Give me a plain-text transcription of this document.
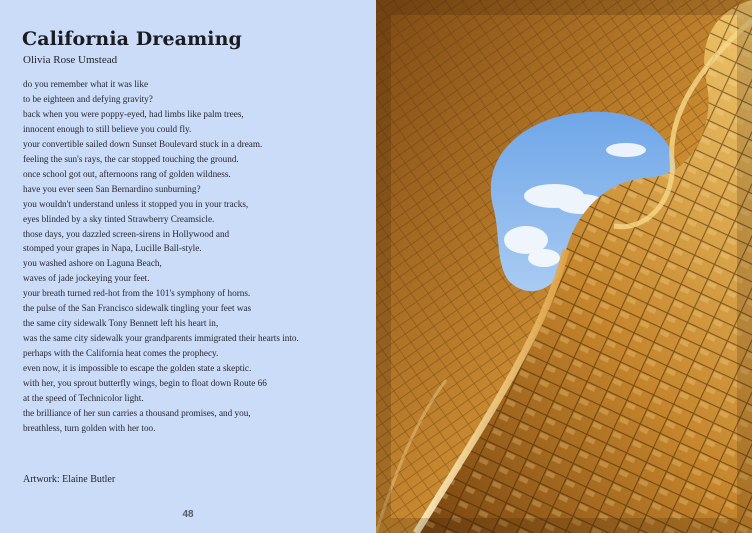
California Dreaming
Olivia Rose Umstead
do you remember what it was like
to be eighteen and defying gravity?
back when you were poppy-eyed, had limbs like palm trees,
innocent enough to still believe you could fly.
your convertible sailed down Sunset Boulevard stuck in a dream.
feeling the sun's rays, the car stopped touching the ground.
once school got out, afternoons rang of golden wildness.
have you ever seen San Bernardino sunburning?
you wouldn't understand unless it stopped you in your tracks,
eyes blinded by a sky tinted Strawberry Creamsicle.
those days, you dazzled screen-sirens in Hollywood and
stomped your grapes in Napa, Lucille Ball-style.
you washed ashore on Laguna Beach,
waves of jade jockeying your feet.
your breath turned red-hot from the 101's symphony of horns.
the pulse of the San Francisco sidewalk tingling your feet was
the same city sidewalk Tony Bennett left his heart in,
was the same city sidewalk your grandparents immigrated their hearts into.
perhaps with the California heat comes the prophecy.
even now, it is impossible to escape the golden state a skeptic.
with her, you sprout butterfly wings, begin to float down Route 66
at the speed of Technicolor light.
the brilliance of her sun carries a thousand promises, and you,
breathless, turn golden with her too.
Artwork: Elaine Butler
48
